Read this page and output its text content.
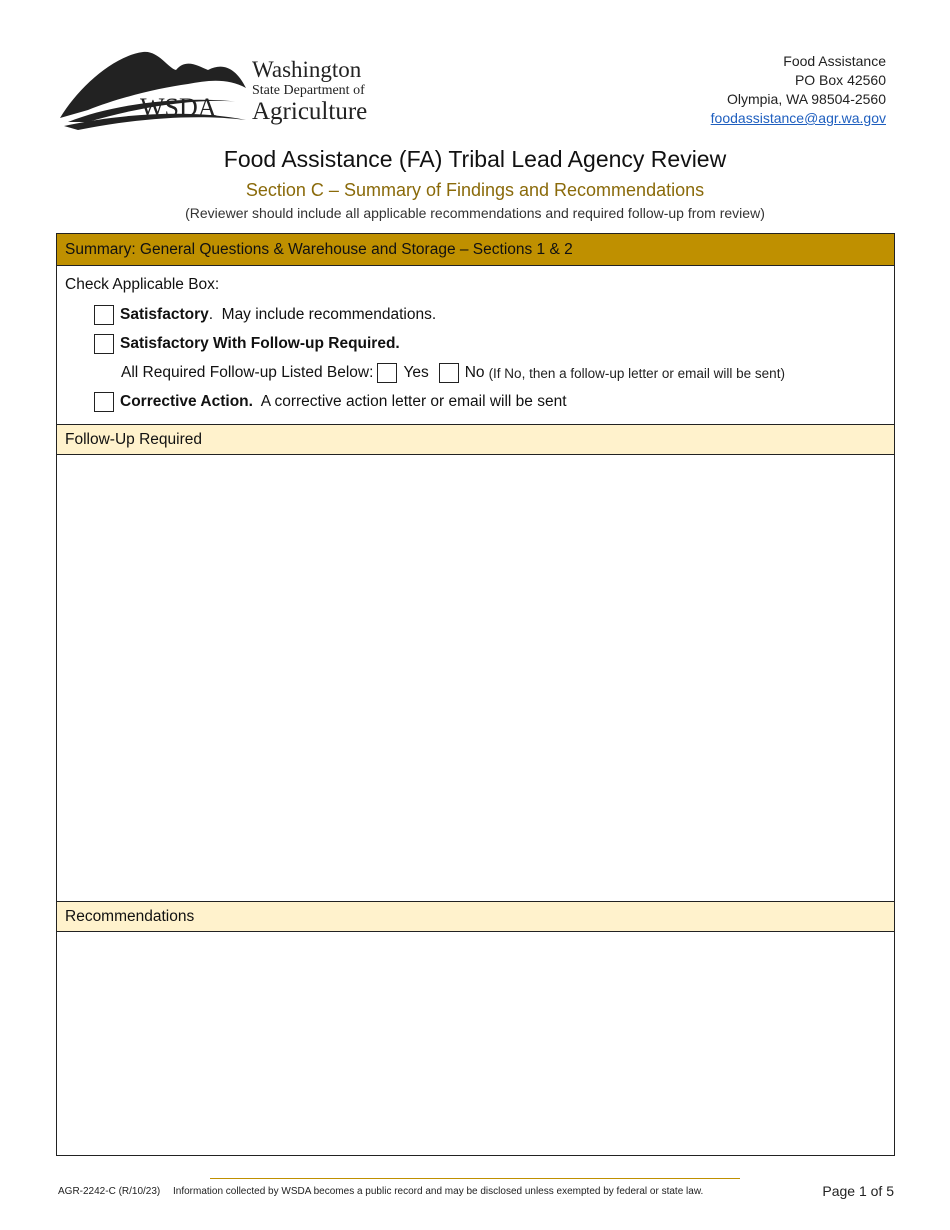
WSDA
Washington
State Department of
Agriculture
Food Assistance
PO Box 42560
Olympia, WA 98504-2560
foodassistance@agr.wa.gov
Food Assistance (FA) Tribal Lead Agency Review
Section C – Summary of Findings and Recommendations
(Reviewer should include all applicable recommendations and required follow-up from review)
Summary: General Questions & Warehouse and Storage – Sections 1 & 2
Check Applicable Box:
Satisfactory .  May include recommendations.
Satisfactory With Follow-up Required.
All Required Follow-up Listed Below: Yes No (If No, then a follow-up letter or email will be sent)
Corrective Action. A corrective action letter or email will be sent
Follow-Up Required
Recommendations
AGR-2242-C (R/10/23) Information collected by WSDA becomes a public record and may be disclosed unless exempted by federal or state law.	Page 1 of 5
